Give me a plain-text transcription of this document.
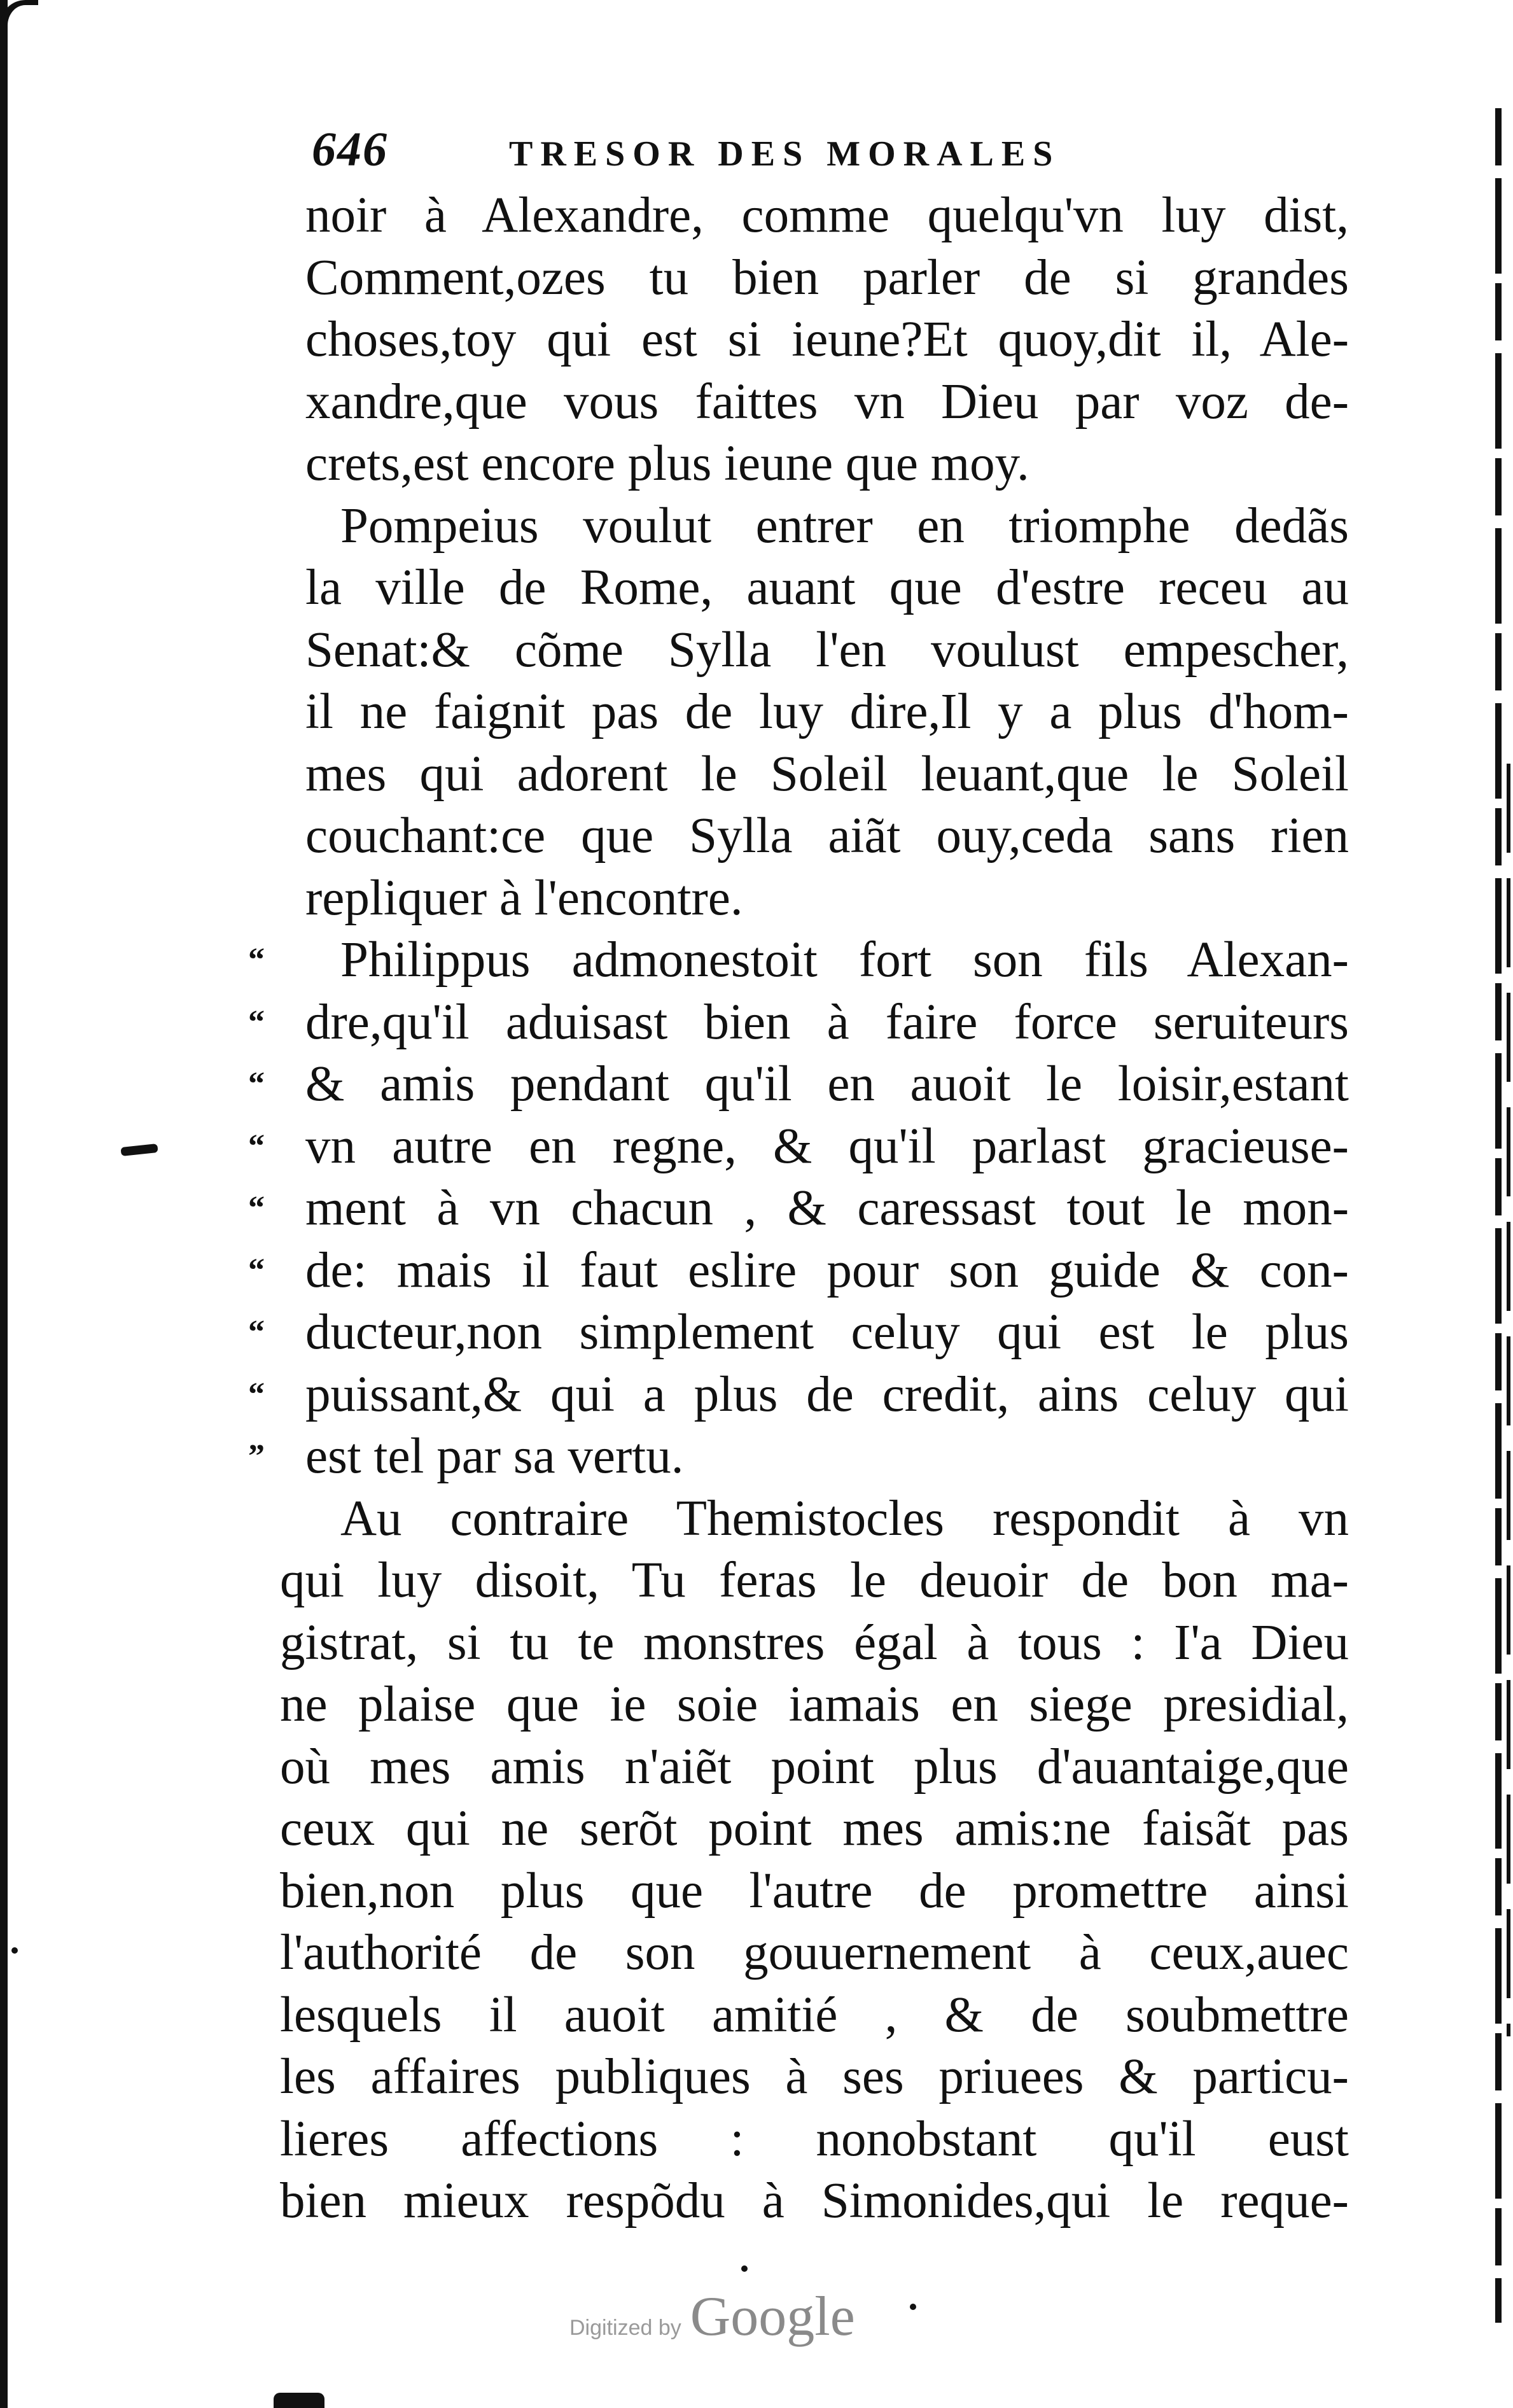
646	TRESOR DES MORALES
noir à Alexandre, comme quelqu'vn luy dist,
Comment,ozes tu bien parler de si grandes
choses,toy qui est si ieune?Et quoy,dit il, Ale-
xandre,que vous faittes vn Dieu par voz de-
crets,est encore plus ieune que moy.
Pompeius voulut entrer en triomphe dedãs
la ville de Rome, auant que d'estre receu au
Senat:& cõme Sylla l'en voulust empescher,
il ne faignit pas de luy dire,Il y a plus d'hom-
mes qui adorent le Soleil leuant,que le Soleil
couchant:ce que Sylla aiãt ouy,ceda sans rien
repliquer à l'encontre.
“ Philippus admonestoit fort son fils Alexan-
“ dre,qu'il aduisast bien à faire force seruiteurs
“ & amis pendant qu'il en auoit le loisir,estant
“ vn autre en regne, & qu'il parlast gracieuse-
“ ment à vn chacun , & caressast tout le mon-
“ de: mais il faut eslire pour son guide & con-
“ ducteur,non simplement celuy qui est le plus
“ puissant,& qui a plus de credit, ains celuy qui
” est tel par sa vertu.
Au contraire Themistocles respondit à vn
qui luy disoit, Tu feras le deuoir de bon ma-
gistrat, si tu te monstres égal à tous : I'a Dieu
ne plaise que ie soie iamais en siege presidial,
où mes amis n'aiẽt point plus d'auantaige,que
ceux qui ne serõt point mes amis:ne faisãt pas
bien,non plus que l'autre de promettre ainsi
l'authorité de son gouuernement à ceux,auec
lesquels il auoit amitié , & de soubmettre
les affaires publiques à ses priuees & particu-
lieres affections : nonobstant qu'il eust
bien mieux respõdu à Simonides,qui le reque-
Digitized by Google
